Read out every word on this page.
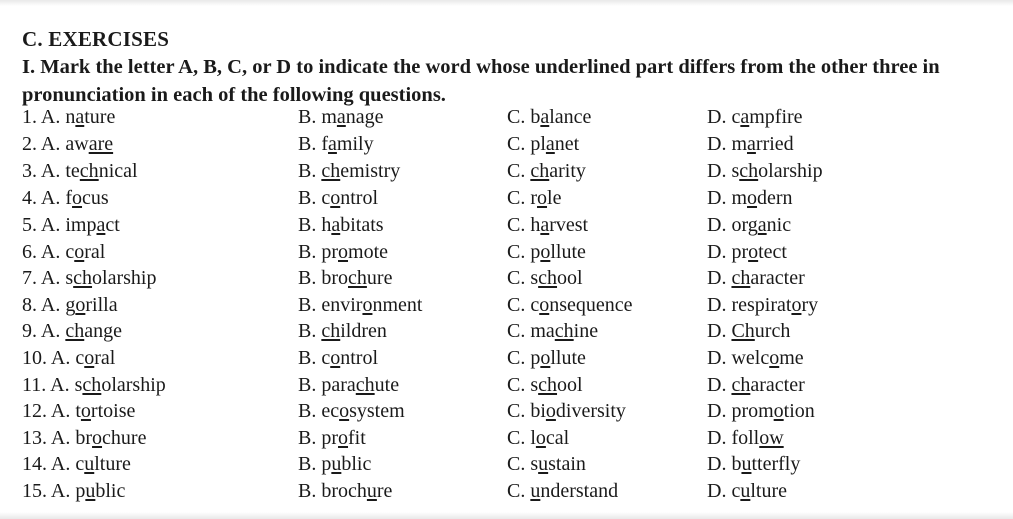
C. EXERCISES
I. Mark the letter A, B, C, or D to indicate the word whose underlined part differs from the other three in pronunciation in each of the following questions.
1. A. nature	B. manage	C. balance	D. campfire
2. A. aware	B. family	C. planet	D. married
3. A. technical	B. chemistry	C. charity	D. scholarship
4. A. focus	B. control	C. role	D. modern
5. A. impact	B. habitats	C. harvest	D. organic
6. A. coral	B. promote	C. pollute	D. protect
7. A. scholarship	B. brochure	C. school	D. character
8. A. gorilla	B. environment	C. consequence	D. respiratory
9. A. change	B. children	C. machine	D. Church
10. A. coral	B. control	C. pollute	D. welcome
11. A. scholarship	B. parachute	C. school	D. character
12. A. tortoise	B. ecosystem	C. biodiversity	D. promotion
13. A. brochure	B. profit	C. local	D. follow
14. A. culture	B. public	C. sustain	D. butterfly
15. A. public	B. brochure	C. understand	D. culture
